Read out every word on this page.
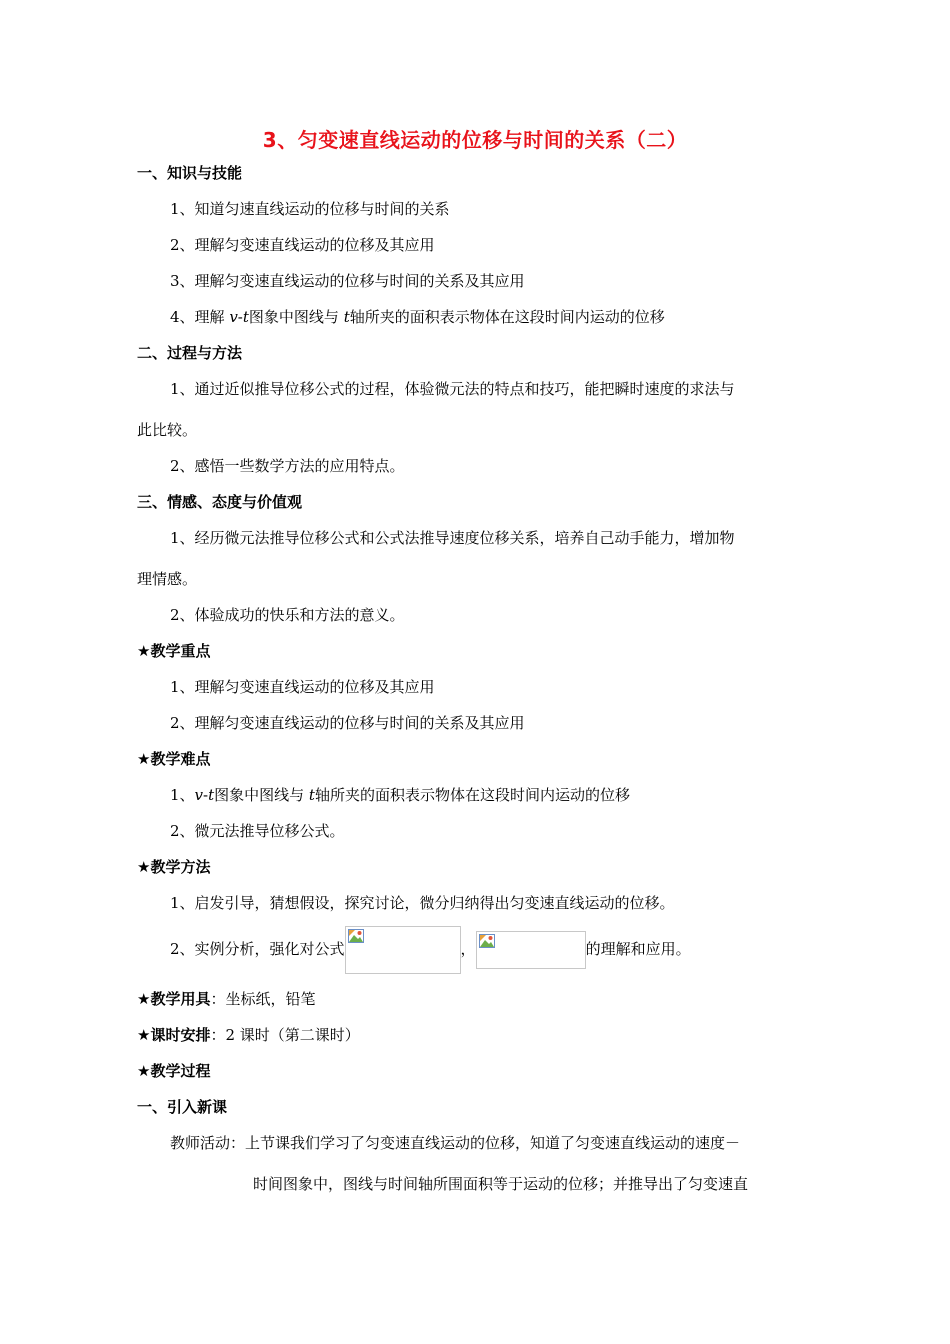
3、匀变速直线运动的位移与时间的关系（二）
一、知识与技能
1、知道匀速直线运动的位移与时间的关系
2、理解匀变速直线运动的位移及其应用
3、理解匀变速直线运动的位移与时间的关系及其应用
4、理解 v-t图象中图线与 t轴所夹的面积表示物体在这段时间内运动的位移
二、过程与方法
1、通过近似推导位移公式的过程，体验微元法的特点和技巧，能把瞬时速度的求法与
此比较。
2、感悟一些数学方法的应用特点。
三、情感、态度与价值观
1、经历微元法推导位移公式和公式法推导速度位移关系，培养自己动手能力，增加物
理情感。
2、体验成功的快乐和方法的意义。
★教学重点
1、理解匀变速直线运动的位移及其应用
2、理解匀变速直线运动的位移与时间的关系及其应用
★教学难点
1、v-t图象中图线与 t轴所夹的面积表示物体在这段时间内运动的位移
2、微元法推导位移公式。
★教学方法
1、启发引导，猜想假设，探究讨论，微分归纳得出匀变速直线运动的位移。
2、实例分析，强化对公式	，	的理解和应用。
★教学用具：坐标纸，铅笔
★课时安排：2 课时（第二课时）
★教学过程
一、引入新课
教师活动：上节课我们学习了匀变速直线运动的位移，知道了匀变速直线运动的速度－
时间图象中，图线与时间轴所围面积等于运动的位移；并推导出了匀变速直
